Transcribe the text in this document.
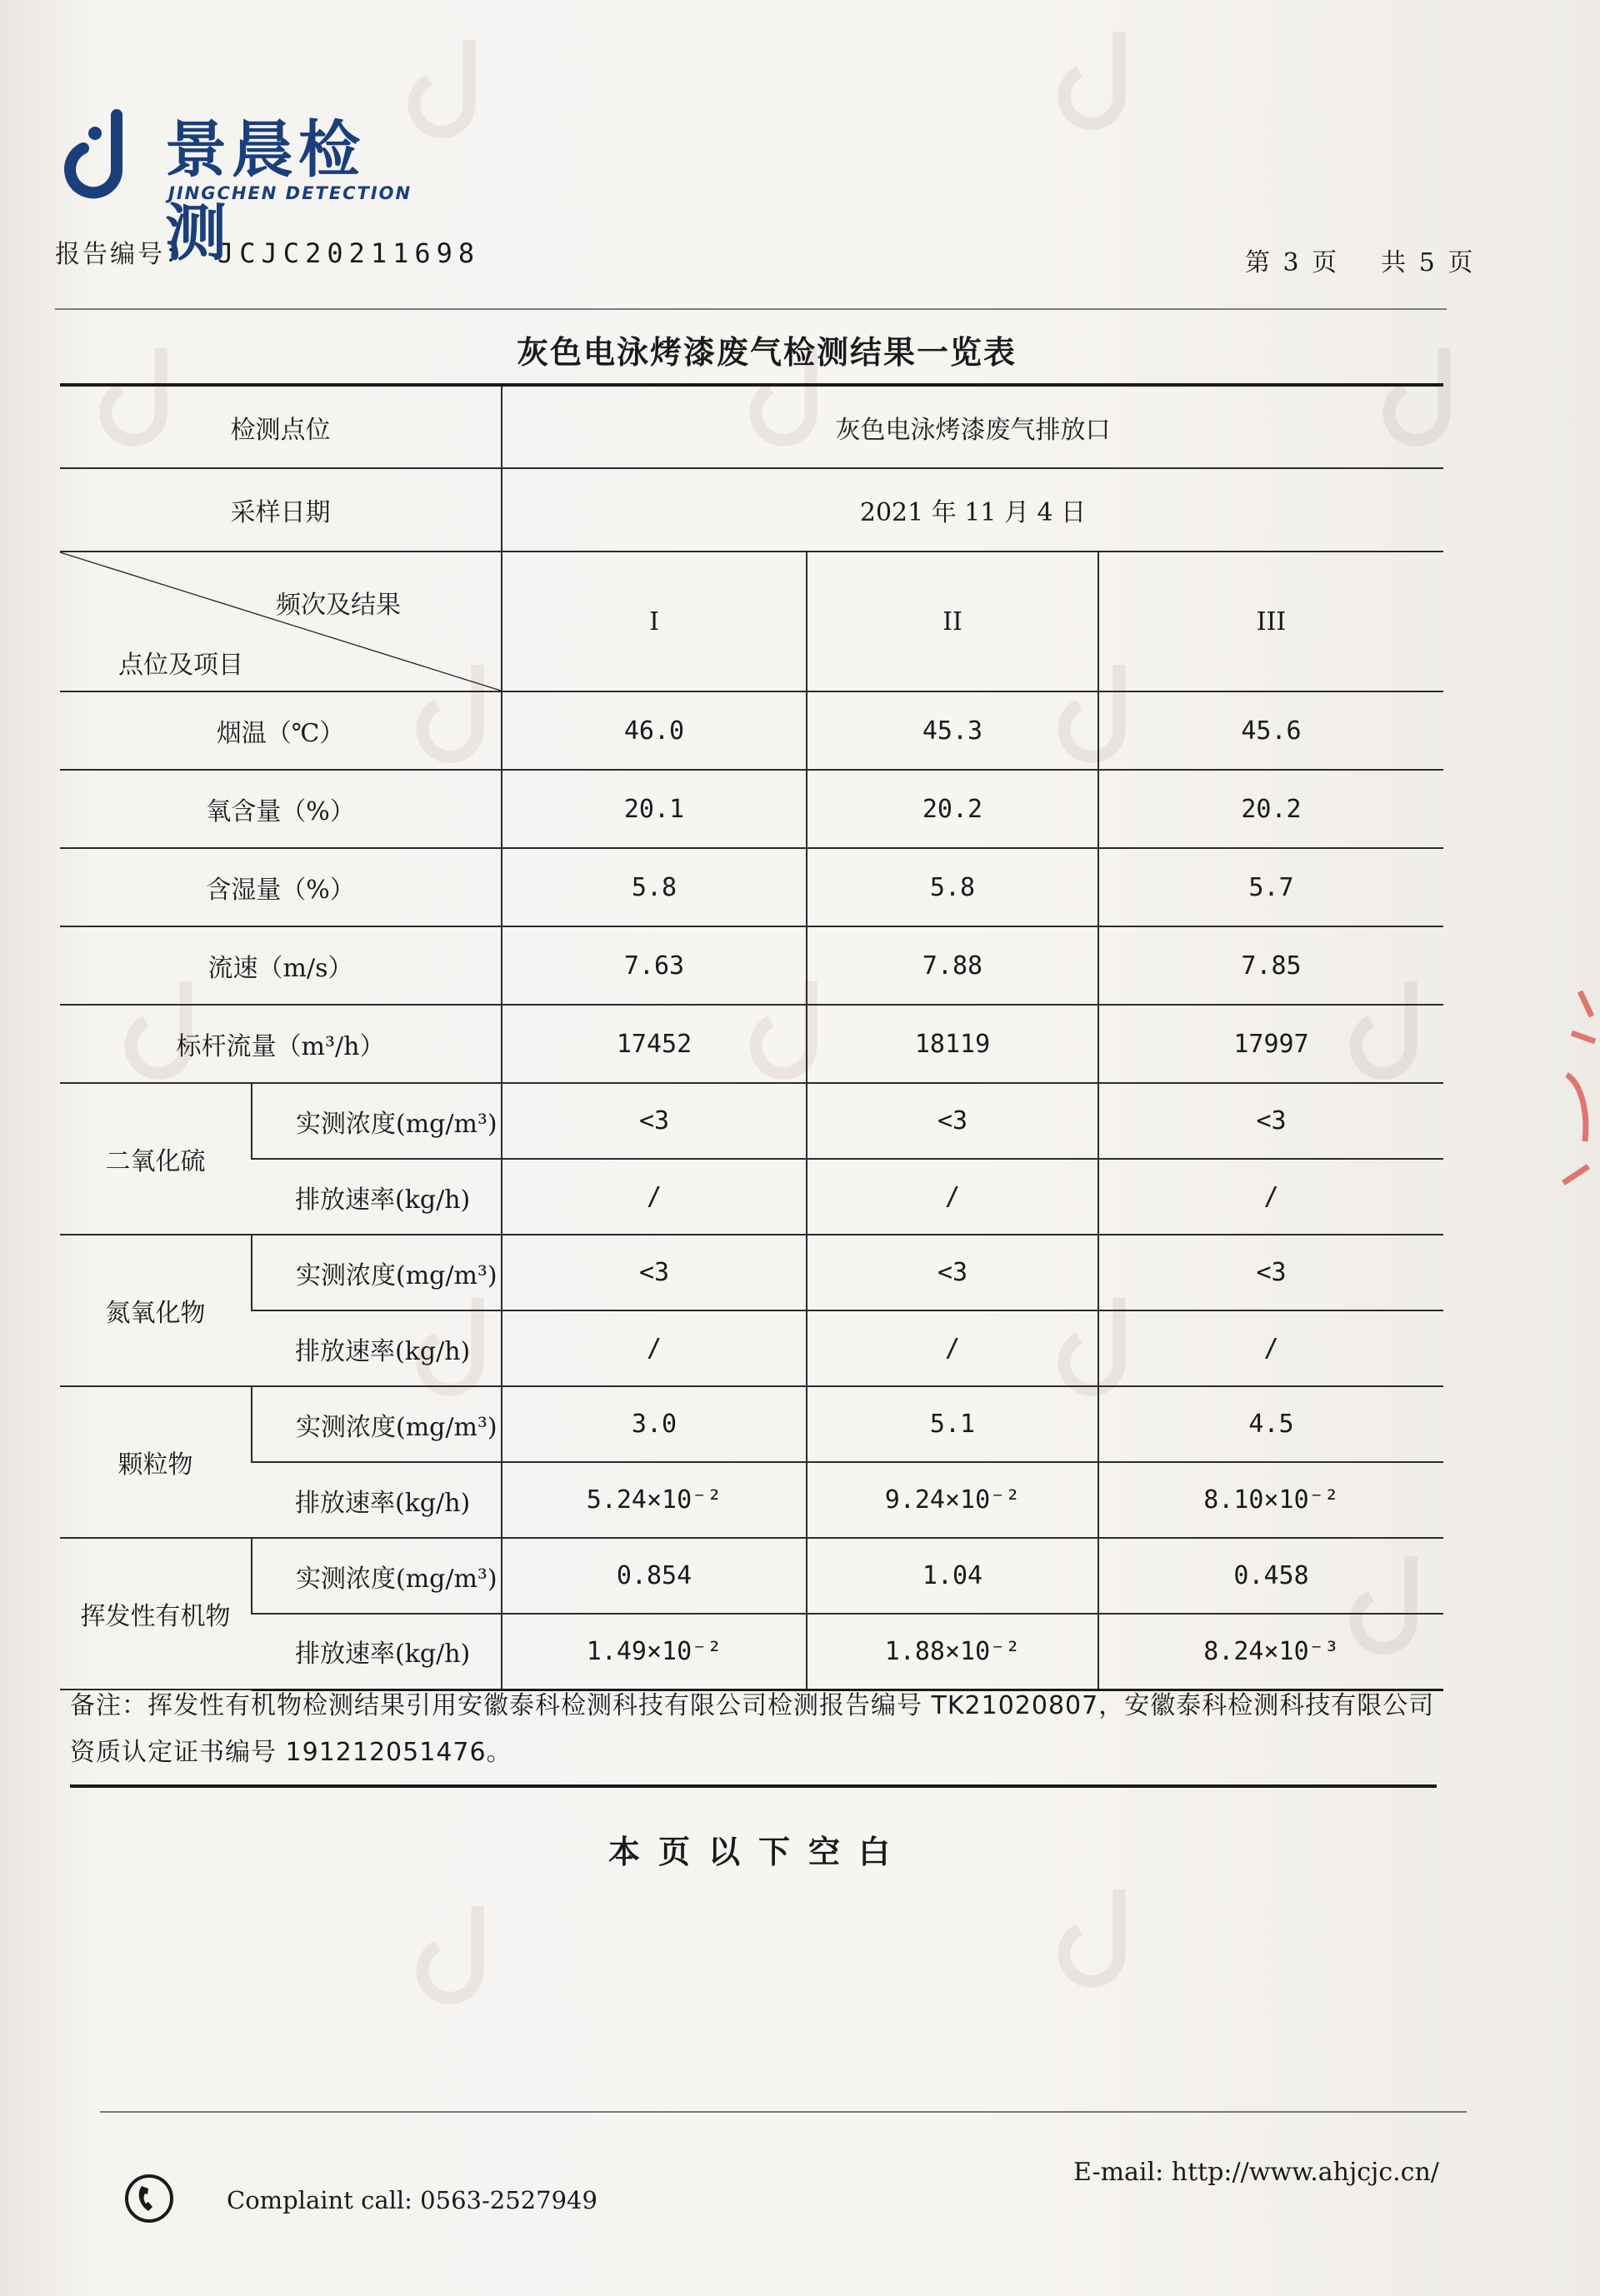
景晨检测
JINGCHEN DETECTION
报告编号： JCJC20211698	第 3 页 共 5 页
灰色电泳烤漆废气检测结果一览表
检测点位		灰色电泳烤漆废气排放口		
采样日期		2021 年 11 月 4 日		

频次及结果
点位及项目		I	II	III
烟温（℃）		46.0	45.3	45.6
氧含量（%）		20.1	20.2	20.2
含湿量（%）		5.8	5.8	5.7
流速（m/s）		7.63	7.88	7.85
标杆流量（m³/h）		17452	18119	17997
二氧化硫	实测浓度(mg/m³)	<3	<3	<3
	排放速率(kg/h)	/	/	/
氮氧化物	实测浓度(mg/m³)	<3	<3	<3
	排放速率(kg/h)	/	/	/
颗粒物	实测浓度(mg/m³)	3.0	5.1	4.5
	排放速率(kg/h)	5.24×10⁻²	9.24×10⁻²	8.10×10⁻²
挥发性有机物	实测浓度(mg/m³)	0.854	1.04	0.458
	排放速率(kg/h)	1.49×10⁻²	1.88×10⁻²	8.24×10⁻³
备注：挥发性有机物检测结果引用安徽泰科检测科技有限公司检测报告编号 TK21020807，安徽泰科检测科技有限公司资质认定证书编号 191212051476。
本页以下空白
E-mail: http://www.ahjcjc.cn/
Complaint call: 0563-2527949
